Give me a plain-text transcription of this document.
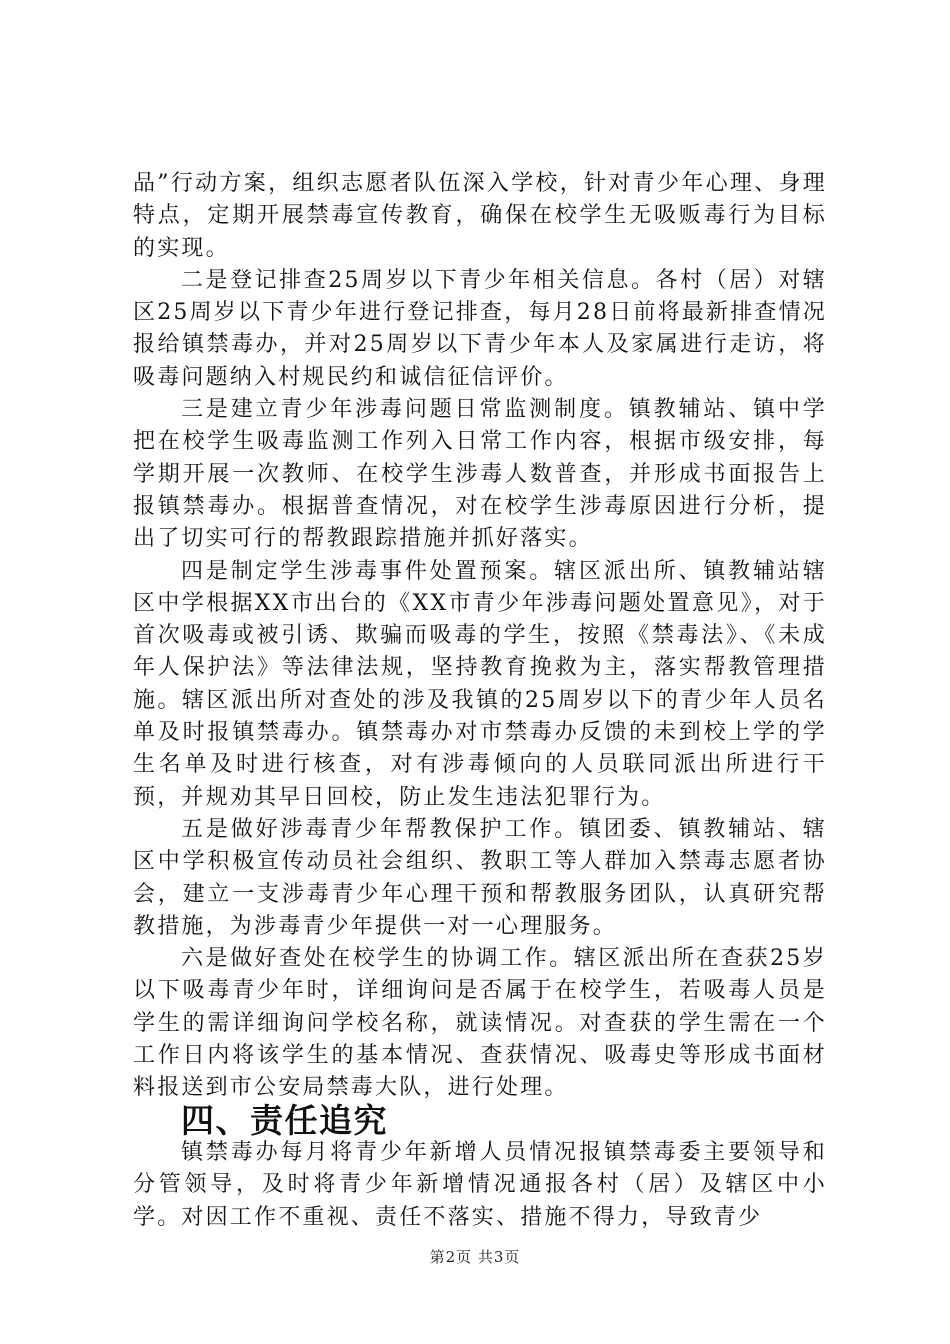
品”行动方案，组织志愿者队伍深入学校，针对青少年心理、身理特点，定期开展禁毒宣传教育，确保在校学生无吸贩毒行为目标的实现。

二是登记排查25周岁以下青少年相关信息。各村（居）对辖区25周岁以下青少年进行登记排查，每月28日前将最新排查情况报给镇禁毒办，并对25周岁以下青少年本人及家属进行走访，将吸毒问题纳入村规民约和诚信征信评价。

三是建立青少年涉毒问题日常监测制度。镇教辅站、镇中学把在校学生吸毒监测工作列入日常工作内容，根据市级安排，每学期开展一次教师、在校学生涉毒人数普查，并形成书面报告上报镇禁毒办。根据普查情况，对在校学生涉毒原因进行分析，提出了切实可行的帮教跟踪措施并抓好落实。

四是制定学生涉毒事件处置预案。辖区派出所、镇教辅站辖区中学根据XX市出台的《XX市青少年涉毒问题处置意见》，对于首次吸毒或被引诱、欺骗而吸毒的学生，按照《禁毒法》、《未成年人保护法》等法律法规，坚持教育挽救为主，落实帮教管理措施。辖区派出所对查处的涉及我镇的25周岁以下的青少年人员名单及时报镇禁毒办。镇禁毒办对市禁毒办反馈的未到校上学的学生名单及时进行核查，对有涉毒倾向的人员联同派出所进行干预，并规劝其早日回校，防止发生违法犯罪行为。

五是做好涉毒青少年帮教保护工作。镇团委、镇教辅站、辖区中学积极宣传动员社会组织、教职工等人群加入禁毒志愿者协会，建立一支涉毒青少年心理干预和帮教服务团队，认真研究帮教措施，为涉毒青少年提供一对一心理服务。

六是做好查处在校学生的协调工作。辖区派出所在查获25岁以下吸毒青少年时，详细询问是否属于在校学生，若吸毒人员是学生的需详细询问学校名称，就读情况。对查获的学生需在一个工作日内将该学生的基本情况、查获情况、吸毒史等形成书面材料报送到市公安局禁毒大队，进行处理。

四、责任追究

镇禁毒办每月将青少年新增人员情况报镇禁毒委主要领导和分管领导，及时将青少年新增情况通报各村（居）及辖区中小学。对因工作不重视、责任不落实、措施不得力，导致青少

第2页 共3页
